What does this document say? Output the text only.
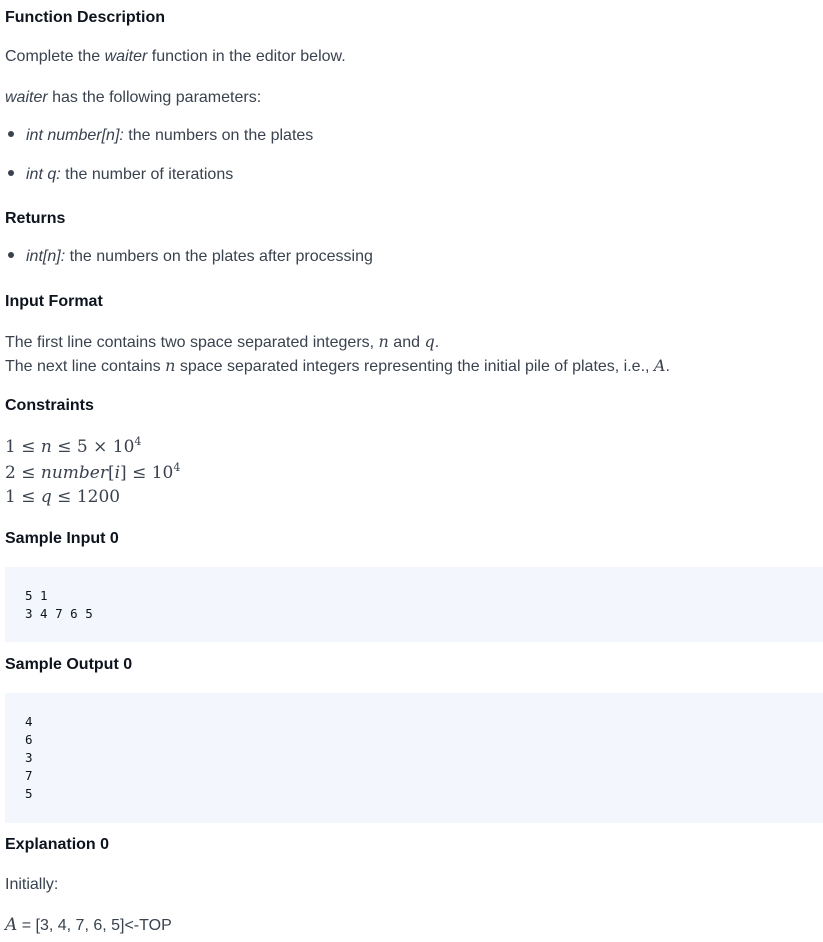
Function Description
Complete the waiter function in the editor below.
waiter has the following parameters:
int number[n]: the numbers on the plates
int q: the number of iterations
Returns
int[n]: the numbers on the plates after processing
Input Format
The first line contains two space separated integers, n and q.
The next line contains n space separated integers representing the initial pile of plates, i.e., A.
Constraints
$1 \le n \le 5 \times 10^4$
2 ≤ number[i] ≤ $10^4$
1 ≤ q ≤ 1200
Sample Input 0
5 1
3 4 7 6 5
Sample Output 0
4
6
3
7
5
Explanation 0
Initially:
A = [3, 4, 7, 6, 5]<-TOP
